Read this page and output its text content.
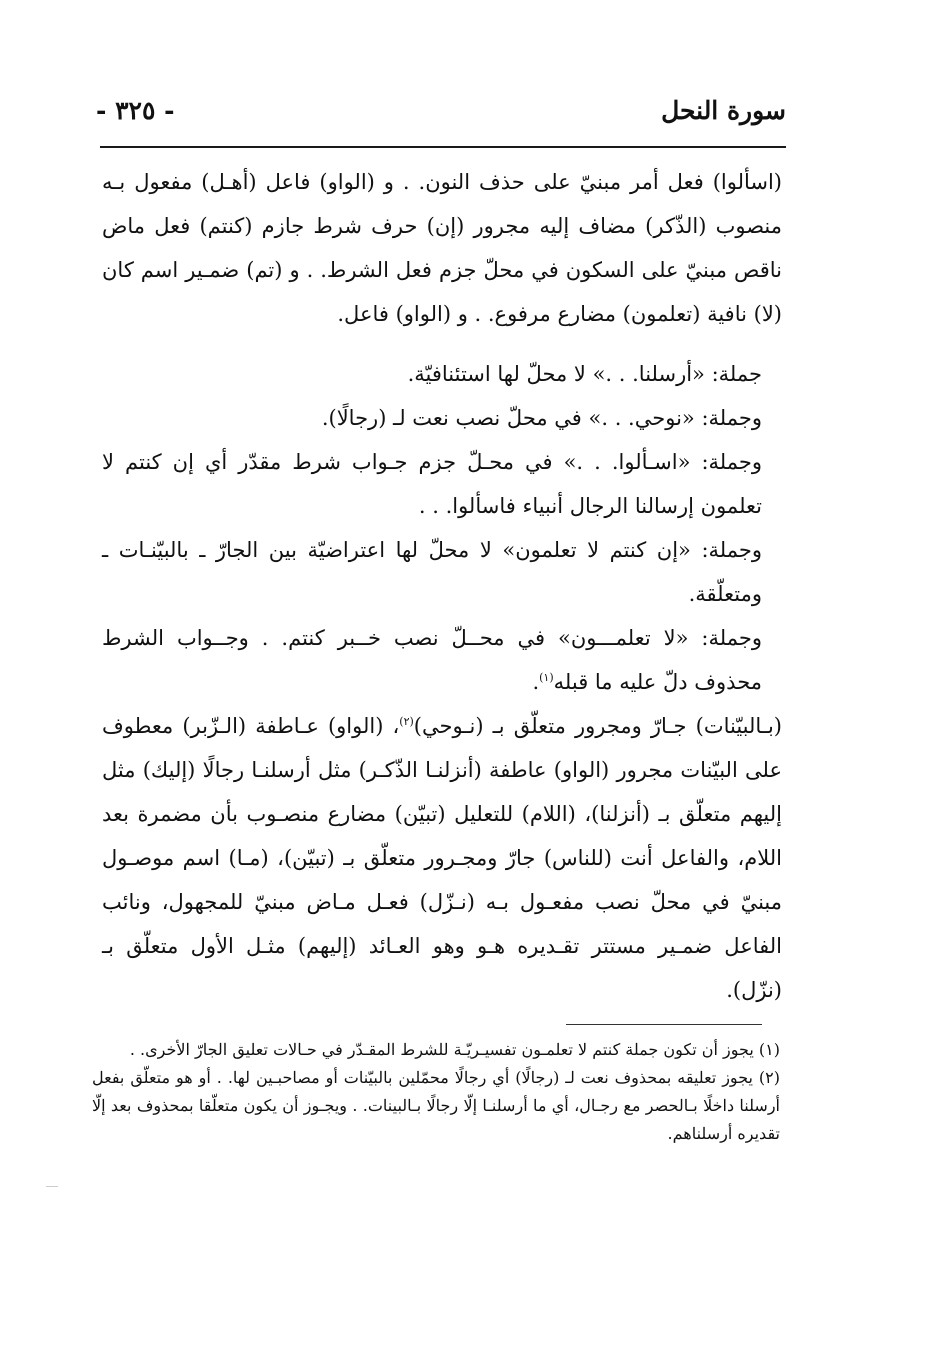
سورة النحل
- ٣٢٥ -

(اسألوا) فعل أمر مبنيّ على حذف النون. . و (الواو) فاعل (أهـل) مفعول بـه منصوب (الذّكر) مضاف إليه مجرور (إن) حرف شرط جازم (كنتم) فعل ماض ناقص مبنيّ على السكون في محلّ جزم فعل الشرط. . و (تم) ضمـير اسم كان (لا) نافية (تعلمون) مضارع مرفوع. . و (الواو) فاعل.

جملة: «أرسلنا. . .» لا محلّ لها استئنافيّة.

وجملة: «نوحي. . .» في محلّ نصب نعت لـ (رجالًا).

وجملة: «اسـألوا. . .» في محـلّ جزم جـواب شرط مقدّر أي إن كنتم لا تعلمون إرسالنا الرجال أنبياء فاسألوا. . .

وجملة: «إن كنتم لا تعلمون» لا محلّ لها اعتراضيّة بين الجارّ ـ بالبيّنـات ـ ومتعلّقة.

وجملة: «لا تعلمـــون» في محــلّ نصب خــبر كنتم. . وجــواب الشرط محذوف دلّ عليه ما قبله$^{(١)}$.

(بـالبيّنات) جـارّ ومجرور متعلّق بـ (نـوحي)$^{(٢)}$، (الواو) عـاطفة (الـزّبر) معطوف على البيّنات مجرور (الواو) عاطفة (أنزلنـا الذّكـر) مثل أرسلنـا رجالًا (إليك) مثل إليهم متعلّق بـ (أنزلنا)، (اللام) للتعليل (تبيّن) مضارع منصـوب بأن مضمرة بعد اللام، والفاعل أنت (للناس) جارّ ومجـرور متعلّق بـ (تبيّن)، (مـا) اسم موصـول مبنيّ في محلّ نصب مفعـول بـه (نـزّل) فعـل مـاض مبنيّ للمجهول، ونائب الفاعل ضمـير مستتر تقـديره هـو وهو العـائد (إليهم) مثـل الأول متعلّق بـ (نزّل).

(١) يجوز أن تكون جملة كنتم لا تعلمـون تفسيـريّـة للشرط المقـدّر في حـالات تعليق الجارّ الأخرى. .

(٢) يجوز تعليقه بمحذوف نعت لـ (رجالًا) أي رجالًا محمّلين بالبيّنات أو مصاحبـين لها. . أو هو متعلّق بفعل أرسلنا داخلًا بـالحصر مع رجـال، أي ما أرسلنـا إلّا رجالًا بـالبينات. . ويجـوز أن يكون متعلّقا بمحذوف بعد إلّا تقديره أرسلناهم.
